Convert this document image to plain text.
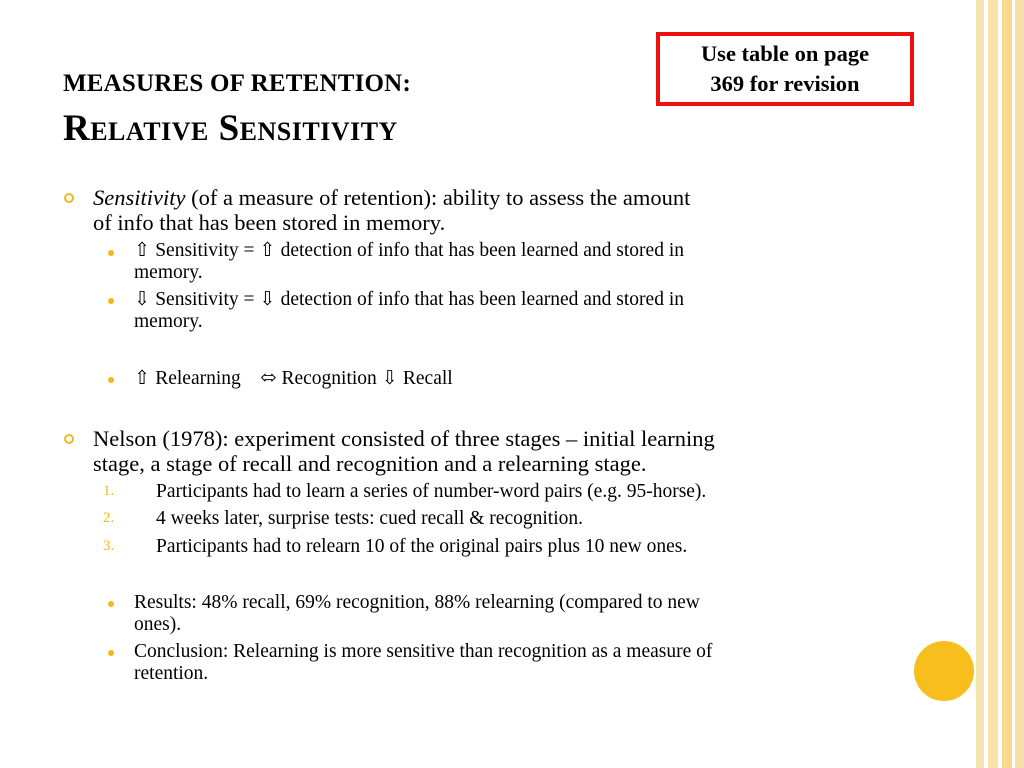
MEASURES OF RETENTION:
Relative Sensitivity
Use table on page
369 for revision
Sensitivity (of a measure of retention): ability to assess the amount
of info that has been stored in memory.
⇧ Sensitivity = ⇧ detection of info that has been learned and stored in
memory.
⇩ Sensitivity = ⇩ detection of info that has been learned and stored in
memory.
⇧ Relearning    ⬄ Recognition ⇩ Recall
Nelson (1978): experiment consisted of three stages – initial learning
stage, a stage of recall and recognition and a relearning stage.
1. Participants had to learn a series of number-word pairs (e.g. 95-horse).
2. 4 weeks later, surprise tests: cued recall & recognition.
3. Participants had to relearn 10 of the original pairs plus 10 new ones.
Results: 48% recall, 69% recognition, 88% relearning (compared to new
ones).
Conclusion: Relearning is more sensitive than recognition as a measure of
retention.
